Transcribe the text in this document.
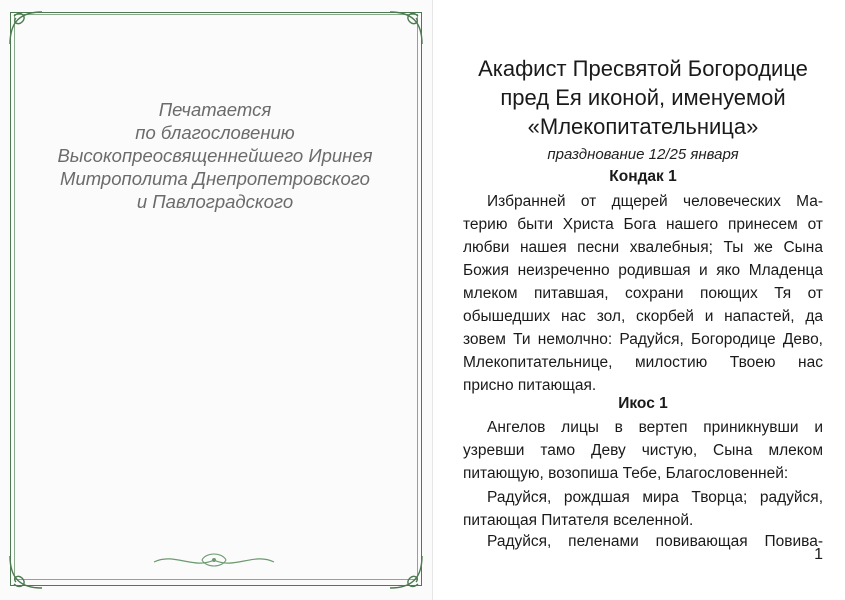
Печатается
по благословению
Высокопреосвященнейшего Иринея
Митрополита Днепропетровского
и Павлоградского
Акафист Пресвятой Богородице
пред Ея иконой, именуемой
«Млекопитательница»
празднование 12/25 января
Кондак 1
Избранней от дщерей человеческих Ма-
терию быти Христа Бога нашего принесем от
любви нашея песни хвалебныя; Ты же Сына
Божия неизреченно родившая и яко Младенца
млеком питавшая, сохрани поющих Тя от
обышедших нас зол, скорбей и напастей, да
зовем Ти немолчно: Радуйся, Богородице Дево,
Млекопитательнице, милостию Твоею нас
присно питающая.
Икос 1
Ангелов лицы в вертеп приникнувши и
узревши тамо Деву чистую, Сына млеком
питающую, возопиша Тебе, Благословенней:
Радуйся, рождшая мира Творца; радуйся,
питающая Питателя вселенной.
Радуйся, пеленами повивающая Повива-
1
